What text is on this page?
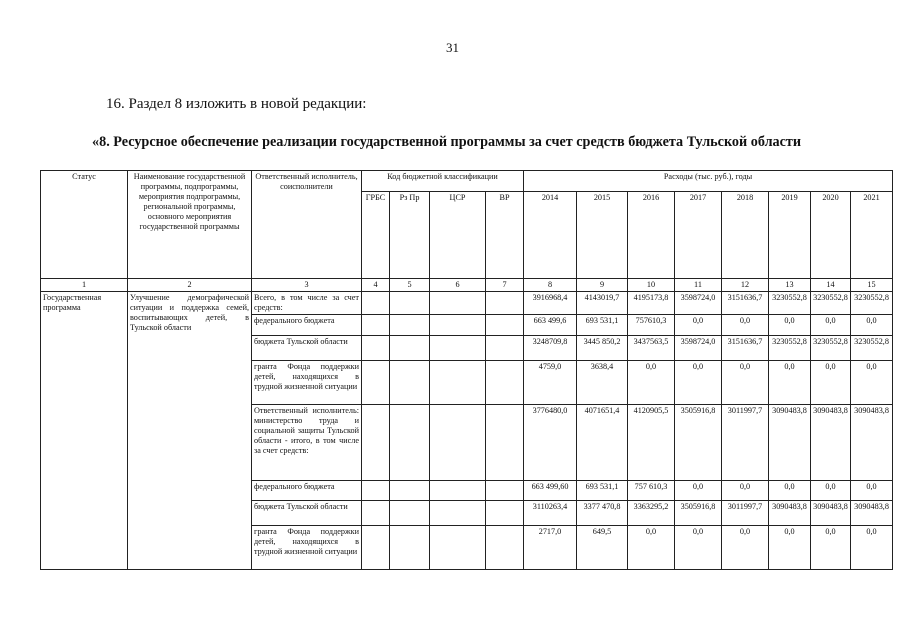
31
16. Раздел 8 изложить в новой редакции:
«8. Ресурсное обеспечение реализации государственной программы за счет средств бюджета Тульской области
Статус	Наименование государственной программы, подпрограммы, мероприятия подпрограммы, региональной программы, основного мероприятия государственной программы	Ответственный исполнитель, соисполнители	Код бюджетной классификации				Расходы (тыс. руб.), годы							
			ГРБС	Рз Пр	ЦСР	ВР	2014	2015	2016	2017	2018	2019	2020	2021
1	2	3	4	5	6	7	8	9	10	11	12	13	14	15
Государственная программа	Улучшение демографической ситуации и поддержка семей, воспитывающих детей, в Тульской области	Всего, в том числе за счет средств:					3916968,4	4143019,7	4195173,8	3598724,0	3151636,7	3230552,8	3230552,8	3230552,8
		федерального бюджета					663 499,6	693 531,1	757610,3	0,0	0,0	0,0	0,0	0,0
		бюджета Тульской области					3248709,8	3445 850,2	3437563,5	3598724,0	3151636,7	3230552,8	3230552,8	3230552,8
		гранта Фонда поддержки детей, находящихся в трудной жизненной ситуации					4759,0	3638,4	0,0	0,0	0,0	0,0	0,0	0,0
		Ответственный исполнитель: министерство труда и социальной защиты Тульской области - итого, в том числе за счет средств:					3776480,0	4071651,4	4120905,5	3505916,8	3011997,7	3090483,8	3090483,8	3090483,8
		федерального бюджета					663 499,60	693 531,1	757 610,3	0,0	0,0	0,0	0,0	0,0
		бюджета Тульской области					3110263,4	3377 470,8	3363295,2	3505916,8	3011997,7	3090483,8	3090483,8	3090483,8
		гранта Фонда поддержки детей, находящихся в трудной жизненной ситуации					2717,0	649,5	0,0	0,0	0,0	0,0	0,0	0,0
